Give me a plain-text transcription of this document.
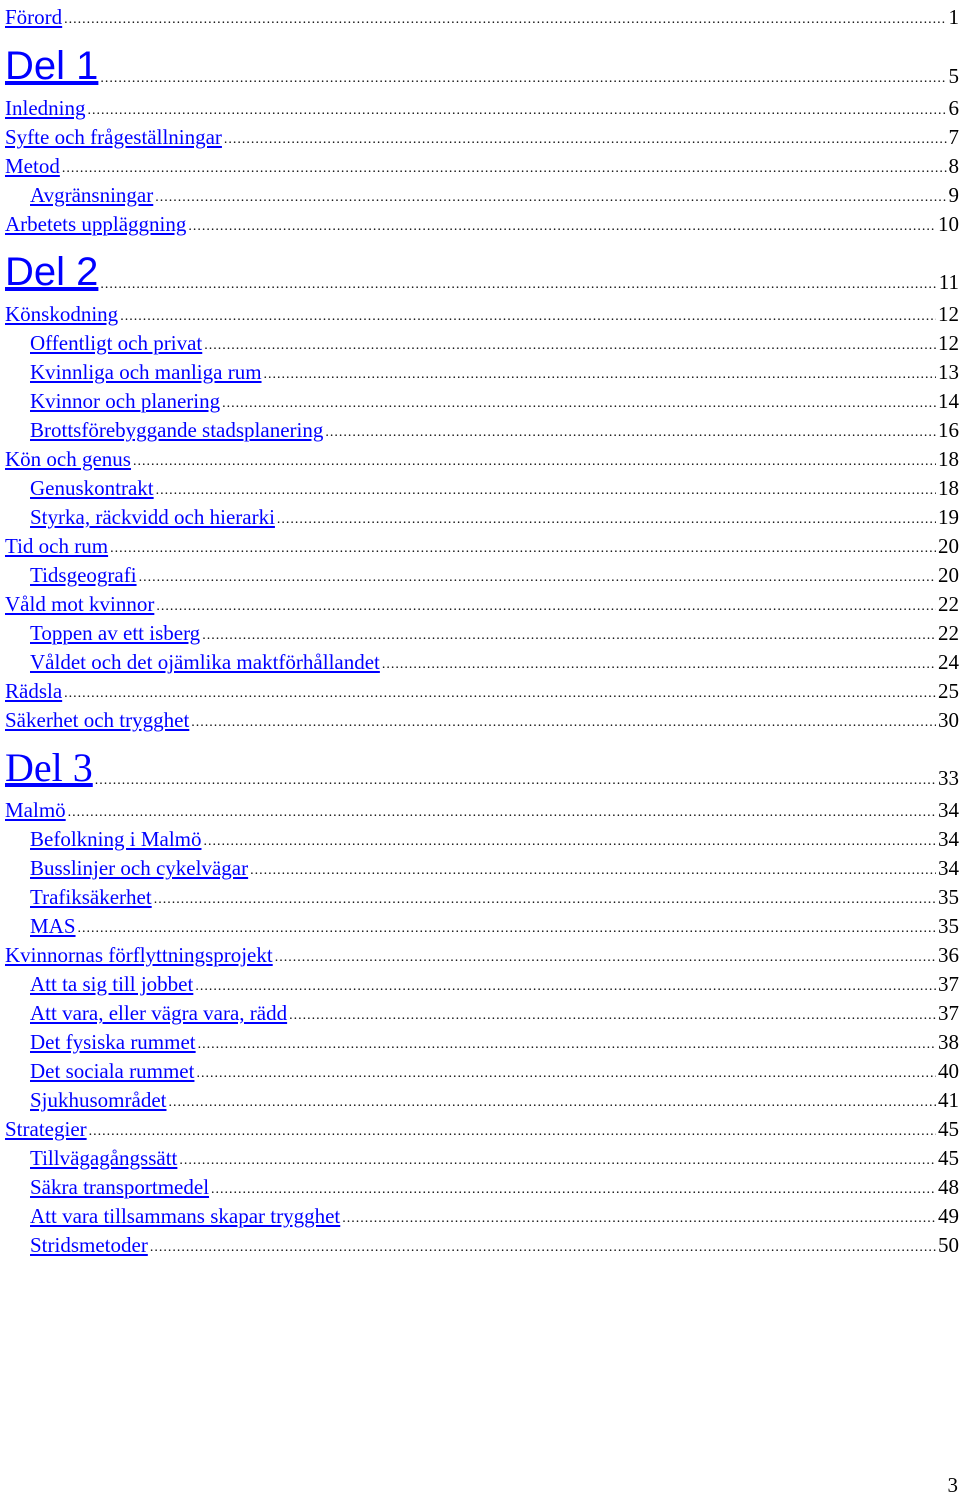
Förord .....	1
Del 1 .....	5
Inledning .....	6
Syfte och frågeställningar .....	7
Metod .....	8
Avgränsningar .....	9
Arbetets uppläggning .....	10
Del 2 .....	11
Könskodning .....	12
Offentligt och privat .....	12
Kvinnliga och manliga rum .....	13
Kvinnor och planering .....	14
Brottsförebyggande stadsplanering .....	16
Kön och genus .....	18
Genuskontrakt .....	18
Styrka, räckvidd och hierarki .....	19
Tid och rum .....	20
Tidsgeografi .....	20
Våld mot kvinnor .....	22
Toppen av ett isberg .....	22
Våldet och det ojämlika maktförhållandet .....	24
Rädsla .....	25
Säkerhet och trygghet .....	30
Del 3 .....	33
Malmö .....	34
Befolkning i Malmö .....	34
Busslinjer och cykelvägar .....	34
Trafiksäkerhet .....	35
MAS .....	35
Kvinnornas förflyttningsprojekt .....	36
Att ta sig till jobbet .....	37
Att vara, eller vägra vara, rädd .....	37
Det fysiska rummet .....	38
Det sociala rummet .....	40
Sjukhusområdet .....	41
Strategier .....	45
Tillvägagångssätt .....	45
Säkra transportmedel .....	48
Att vara tillsammans skapar trygghet .....	49
Stridsmetoder .....	50
3
